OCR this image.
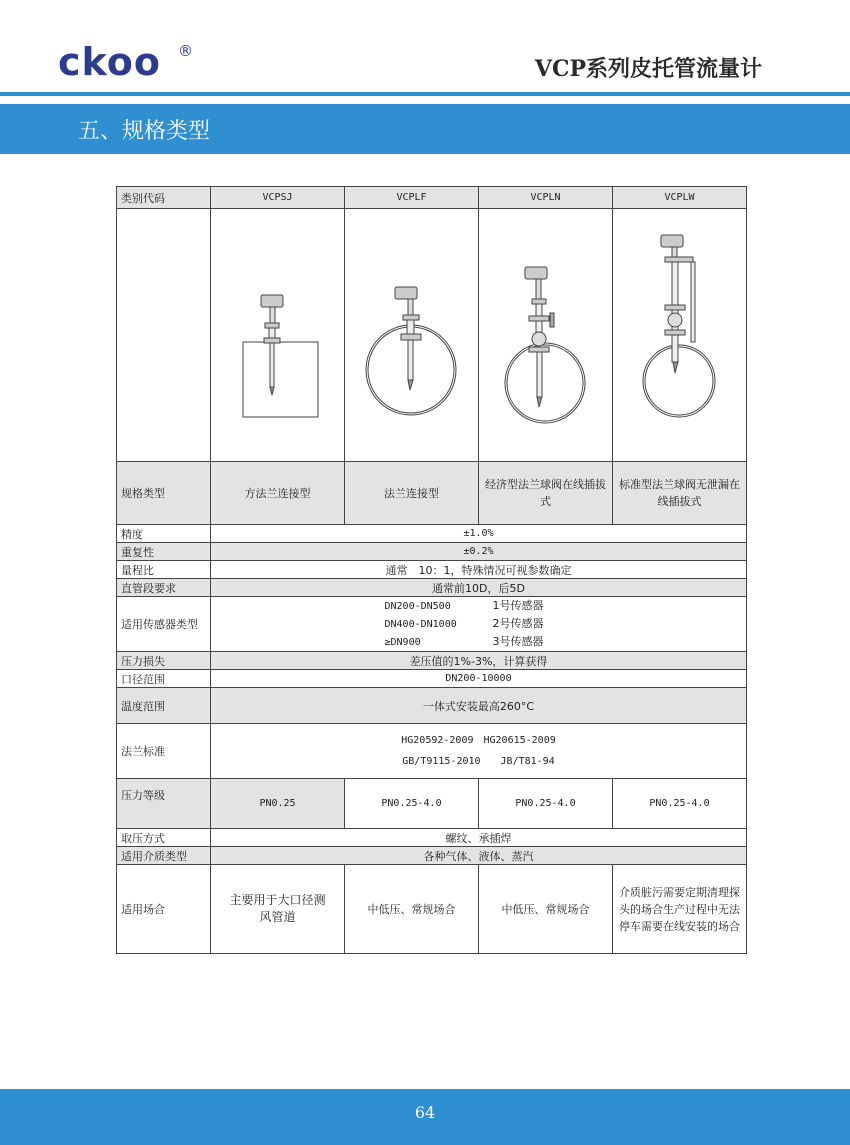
ckoo ®
VCP系列皮托管流量计
五、规格类型
类别代码	VCPSJ	VCPLF	VCPLN	VCPLW

规格类型	方法兰连接型	法兰连接型	经济型法兰球阀在线插拔式	标准型法兰球阀无泄漏在线插拔式
精度	±1.0%			
重复性	±0.2%			
量程比	通常　10：1，特殊情况可视参数确定			
直管段要求	通常前10D，后5D			
适用传感器类型	DN200-DN500 1号传感器
DN400-DN1000 2号传感器
≥DN900 3号传感器			

压力损失	差压值的1%-3%，计算获得			
口径范围	DN200-10000			
温度范围	一体式安装最高260°C			
法兰标准	HG20592-2009　HG20615-2009
GB/T9115-2010　　JB/T81-94			

压力等级	PN0.25	PN0.25-4.0	PN0.25-4.0	PN0.25-4.0
取压方式	螺纹、承插焊			
适用介质类型	各种气体、液体、蒸汽			
适用场合	主要用于大口径测风管道	中低压、常规场合	中低压、常规场合	介质脏污需要定期清理探头的场合生产过程中无法停车需要在线安装的场合
64
